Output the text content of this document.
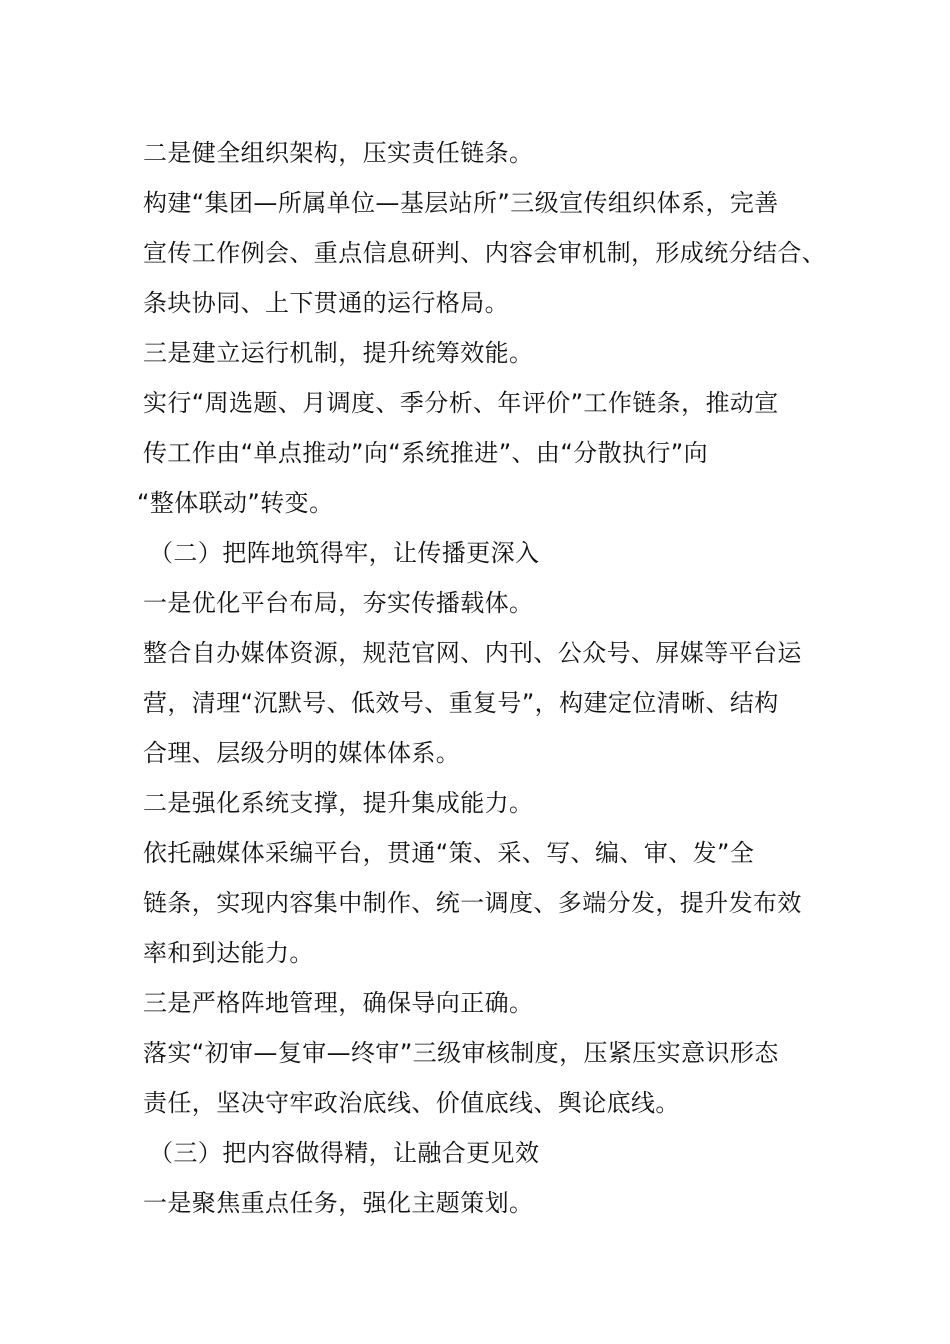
二是健全组织架构，压实责任链条。
构建“集团—所属单位—基层站所”三级宣传组织体系，完善
宣传工作例会、重点信息研判、内容会审机制，形成统分结合、
条块协同、上下贯通的运行格局。
三是建立运行机制，提升统筹效能。
实行“周选题、月调度、季分析、年评价”工作链条，推动宣
传工作由“单点推动”向“系统推进”、由“分散执行”向
“整体联动”转变。
（二）把阵地筑得牢，让传播更深入
一是优化平台布局，夯实传播载体。
整合自办媒体资源，规范官网、内刊、公众号、屏媒等平台运
营，清理“沉默号、低效号、重复号”，构建定位清晰、结构
合理、层级分明的媒体体系。
二是强化系统支撑，提升集成能力。
依托融媒体采编平台，贯通“策、采、写、编、审、发”全
链条，实现内容集中制作、统一调度、多端分发，提升发布效
率和到达能力。
三是严格阵地管理，确保导向正确。
落实“初审—复审—终审”三级审核制度，压紧压实意识形态
责任，坚决守牢政治底线、价值底线、舆论底线。
（三）把内容做得精，让融合更见效
一是聚焦重点任务，强化主题策划。
